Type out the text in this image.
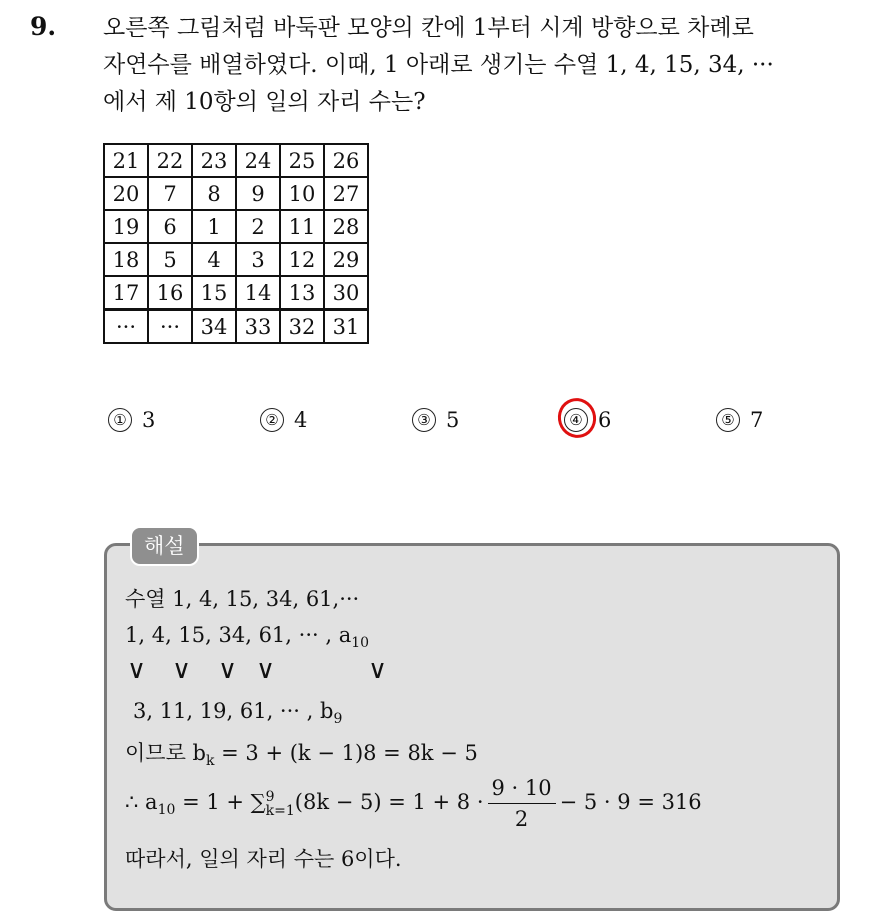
9. 오른쪽 그림처럼 바둑판 모양의 칸에 1부터 시계 방향으로 차례로
자연수를 배열하였다. 이때, 1 아래로 생기는 수열 1, 4, 15, 34, ···
에서 제 10항의 일의 자리 수는?
21	22	23	24	25	26
20	7	8	9	10	27
19	6	1	2	11	28
18	5	4	3	12	29
17	16	15	14	13	30
···	···	34	33	32	31
① 3	② 4	③ 5	④ 6	⑤ 7
해설
수열 1, 4, 15, 34, 61,···
1, 4, 15, 34, 61, ··· , $a_{10}$
∨ ∨ ∨ ∨	∨
3, 11, 19, 61, ··· , $b_9$
이므로 $b_k = 3 + (k - 1)8 = 8k - 5$
∴ $a_{10} = 1$ + ∑ 9
k=1 $(8k - 5) = 1 + 8 \cdot \frac{9 \cdot 10}{2} - 5 \cdot 9 = 316$
따라서, 일의 자리 수는 6이다.
